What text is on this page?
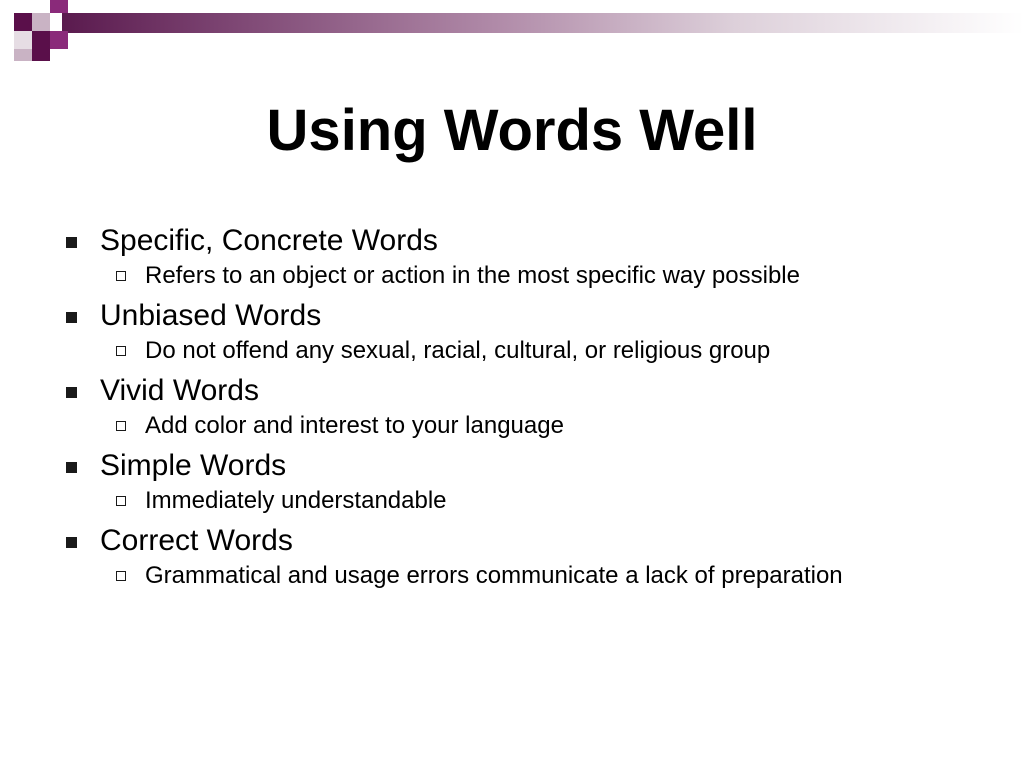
Using Words Well
Specific, Concrete Words
Refers to an object or action in the most specific way possible
Unbiased Words
Do not offend any sexual, racial, cultural, or religious group
Vivid Words
Add color and interest to your language
Simple Words
Immediately understandable
Correct Words
Grammatical and usage errors communicate a lack of preparation
